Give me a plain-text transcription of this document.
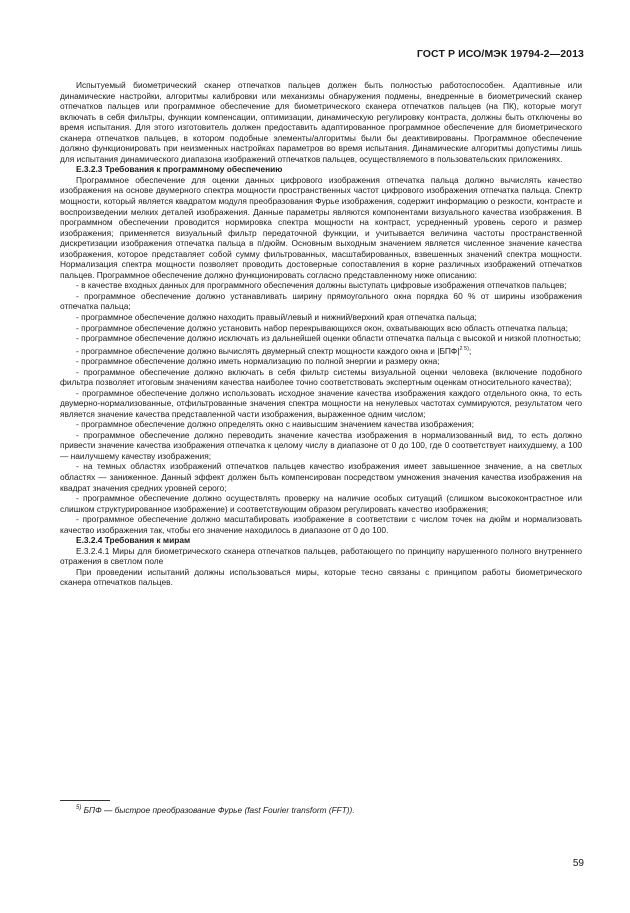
ГОСТ Р ИСО/МЭК 19794-2—2013

Испытуемый биометрический сканер отпечатков пальцев должен быть полностью работоспособен. Адаптивные или динамические настройки, алгоритмы калибровки или механизмы обнаружения подмены, внедренные в биометрический сканер отпечатков пальцев или программное обеспечение для биометрического сканера отпечатков пальцев (на ПК), которые могут включать в себя фильтры, функции компенсации, оптимизации, динамическую регулировку контраста, должны быть отключены во время испытания. Для этого изготовитель должен предоставить адаптированное программное обеспечение для биометрического сканера отпечатков пальцев, в котором подобные элементы/алгоритмы были бы деактивированы. Программное обеспечение должно функционировать при неизменных настройках параметров во время испытания. Динамические алгоритмы допустимы лишь для испытания динамического диапазона изображений отпечатков пальцев, осуществляемого в пользовательских приложениях.

E.3.2.3 Требования к программному обеспечению

Программное обеспечение для оценки данных цифрового изображения отпечатка пальца должно вычислять качество изображения на основе двумерного спектра мощности пространственных частот цифрового изображения отпечатка пальца. Спектр мощности, который является квадратом модуля преобразования Фурье изображения, содержит информацию о резкости, контрасте и воспроизведении мелких деталей изображения. Данные параметры являются компонентами визуального качества изображения. В программном обеспечении проводится нормировка спектра мощности на контраст, усредненный уровень серого и размер изображения; применяется визуальный фильтр передаточной функции, и учитывается величина частоты пространственной дискретизации изображения отпечатка пальца в п/дюйм. Основным выходным значением является численное значение качества изображения, которое представляет собой сумму фильтрованных, масштабированных, взвешенных значений спектра мощности. Нормализация спектра мощности позволяет проводить достоверные сопоставления в корне различных изображений отпечатков пальцев. Программное обеспечение должно функционировать согласно представленному ниже описанию:

- в качестве входных данных для программного обеспечения должны выступать цифровые изображения отпечатков пальцев;

- программное обеспечение должно устанавливать ширину прямоугольного окна порядка 60 % от ширины изображения отпечатка пальца;

- программное обеспечение должно находить правый/левый и нижний/верхний края отпечатка пальца;

- программное обеспечение должно установить набор перекрывающихся окон, охватывающих всю область отпечатка пальца;

- программное обеспечение должно исключать из дальнейшей оценки области отпечатка пальца с высокой и низкой плотностью;

- программное обеспечение должно вычислять двумерный спектр мощности каждого окна и |БПФ|$^{2 5)}$;

- программное обеспечение должно иметь нормализацию по полной энергии и размеру окна;

- программное обеспечение должно включать в себя фильтр системы визуальной оценки человека (включение подобного фильтра позволяет итоговым значениям качества наиболее точно соответствовать экспертным оценкам относительного качества);

- программное обеспечение должно использовать исходное значение качества изображения каждого отдельного окна, то есть двумерно-нормализованные, отфильтрованные значения спектра мощности на ненулевых частотах суммируются, результатом чего является значение качества представленной части изображения, выраженное одним числом;

- программное обеспечение должно определять окно с наивысшим значением качества изображения;

- программное обеспечение должно переводить значение качества изображения в нормализованный вид, то есть должно привести значение качества изображения отпечатка к целому числу в диапазоне от 0 до 100, где 0 соответствует наихудшему, а 100 — наилучшему качеству изображения;

- на темных областях изображений отпечатков пальцев качество изображения имеет завышенное значение, а на светлых областях — заниженное. Данный эффект должен быть компенсирован посредством умножения значения качества изображения на квадрат значения средних уровней серого;

- программное обеспечение должно осуществлять проверку на наличие особых ситуаций (слишком высококонтрастное или слишком структурированное изображение) и соответствующим образом регулировать качество изображения;

- программное обеспечение должно масштабировать изображение в соответствии с числом точек на дюйм и нормализовать качество изображения так, чтобы его значение находилось в диапазоне от 0 до 100.

E.3.2.4 Требования к мирам

E.3.2.4.1 Миры для биометрического сканера отпечатков пальцев, работающего по принципу нарушенного полного внутреннего отражения в светлом поле

При проведении испытаний должны использоваться миры, которые тесно связаны с принципом работы биометрического сканера отпечатков пальцев.

$^{5)}$ БПФ — быстрое преобразование Фурье (fast Fourier transform (FFT)).
59
